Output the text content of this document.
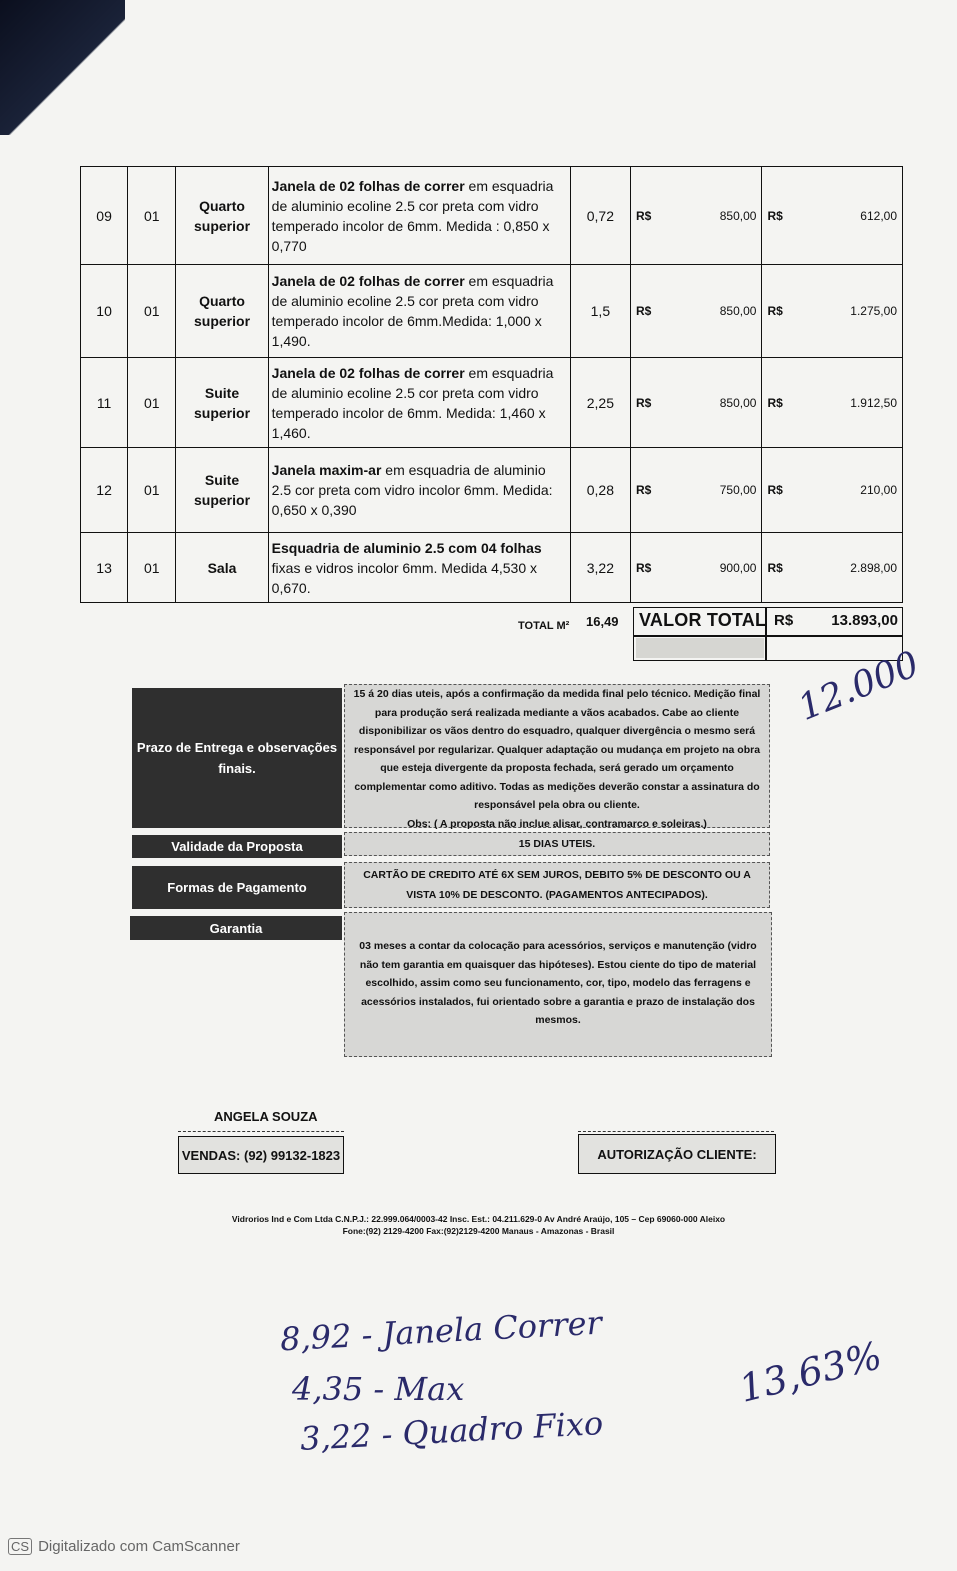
09	01	Quarto superior	Janela de 02 folhas de correr em esquadria de aluminio ecoline 2.5 cor preta com vidro temperado incolor de 6mm. Medida : 0,850 x 0,770	0,72	R$ 850,00	R$ 612,00

10	01	Quarto superior	Janela de 02 folhas de correr em esquadria de aluminio ecoline 2.5 cor preta com vidro temperado incolor de 6mm.Medida: 1,000 x 1,490.	1,5	R$ 850,00	R$ 1.275,00

11	01	Suite superior	Janela de 02 folhas de correr em esquadria de aluminio ecoline 2.5 cor preta com vidro temperado incolor de 6mm. Medida: 1,460 x 1,460.	2,25	R$ 850,00	R$ 1.912,50

12	01	Suite superior	Janela maxim-ar em esquadria de aluminio 2.5 cor preta com vidro incolor 6mm. Medida: 0,650 x 0,390	0,28	R$ 750,00	R$ 210,00

13	01	Sala	Esquadria de aluminio 2.5 com 04 folhas fixas e vidros incolor 6mm. Medida 4,530 x 0,670.	3,22	R$ 900,00	R$ 2.898,00
TOTAL M² 16,49 VALOR TOTAL R$	13.893,00
Prazo de Entrega e observações finais.
15 á 20 dias uteis, após a confirmação da medida final pelo técnico. Medição final para produção será realizada mediante a vãos acabados. Cabe ao cliente disponibilizar os vãos dentro do esquadro, qualquer divergência o mesmo será responsável por regularizar. Qualquer adaptação ou mudança em projeto na obra que esteja divergente da proposta fechada, será gerado um orçamento complementar como aditivo. Todas as medições deverão constar a assinatura do responsável pela obra ou cliente.
Obs: ( A proposta não inclue alisar, contramarco e soleiras.)
Validade da Proposta	15 DIAS UTEIS.
Formas de Pagamento
CARTÃO DE CREDITO ATÉ 6X SEM JUROS, DEBITO 5% DE DESCONTO OU A VISTA 10% DE DESCONTO. (PAGAMENTOS ANTECIPADOS).
Garantia
03 meses a contar da colocação para acessórios, serviços e manutenção (vidro não tem garantia em quaisquer das hipóteses). Estou ciente do tipo de material escolhido, assim como seu funcionamento, cor, tipo, modelo das ferragens e acessórios instalados, fui orientado sobre a garantia e prazo de instalação dos mesmos.
ANGELA SOUZA
VENDAS: (92) 99132-1823	AUTORIZAÇÃO CLIENTE:
Vidrorios Ind e Com Ltda C.N.P.J.: 22.999.064/0003-42 Insc. Est.: 04.211.629-0 Av André Araújo, 105 – Cep 69060-000 Aleixo
Fone:(92) 2129-4200 Fax:(92)2129-4200 Manaus - Amazonas - Brasil
12.000
8,92 - Janela Correr
4,35 - Max
3,22 - Quadro Fixo
13,63%
CS Digitalizado com CamScanner
